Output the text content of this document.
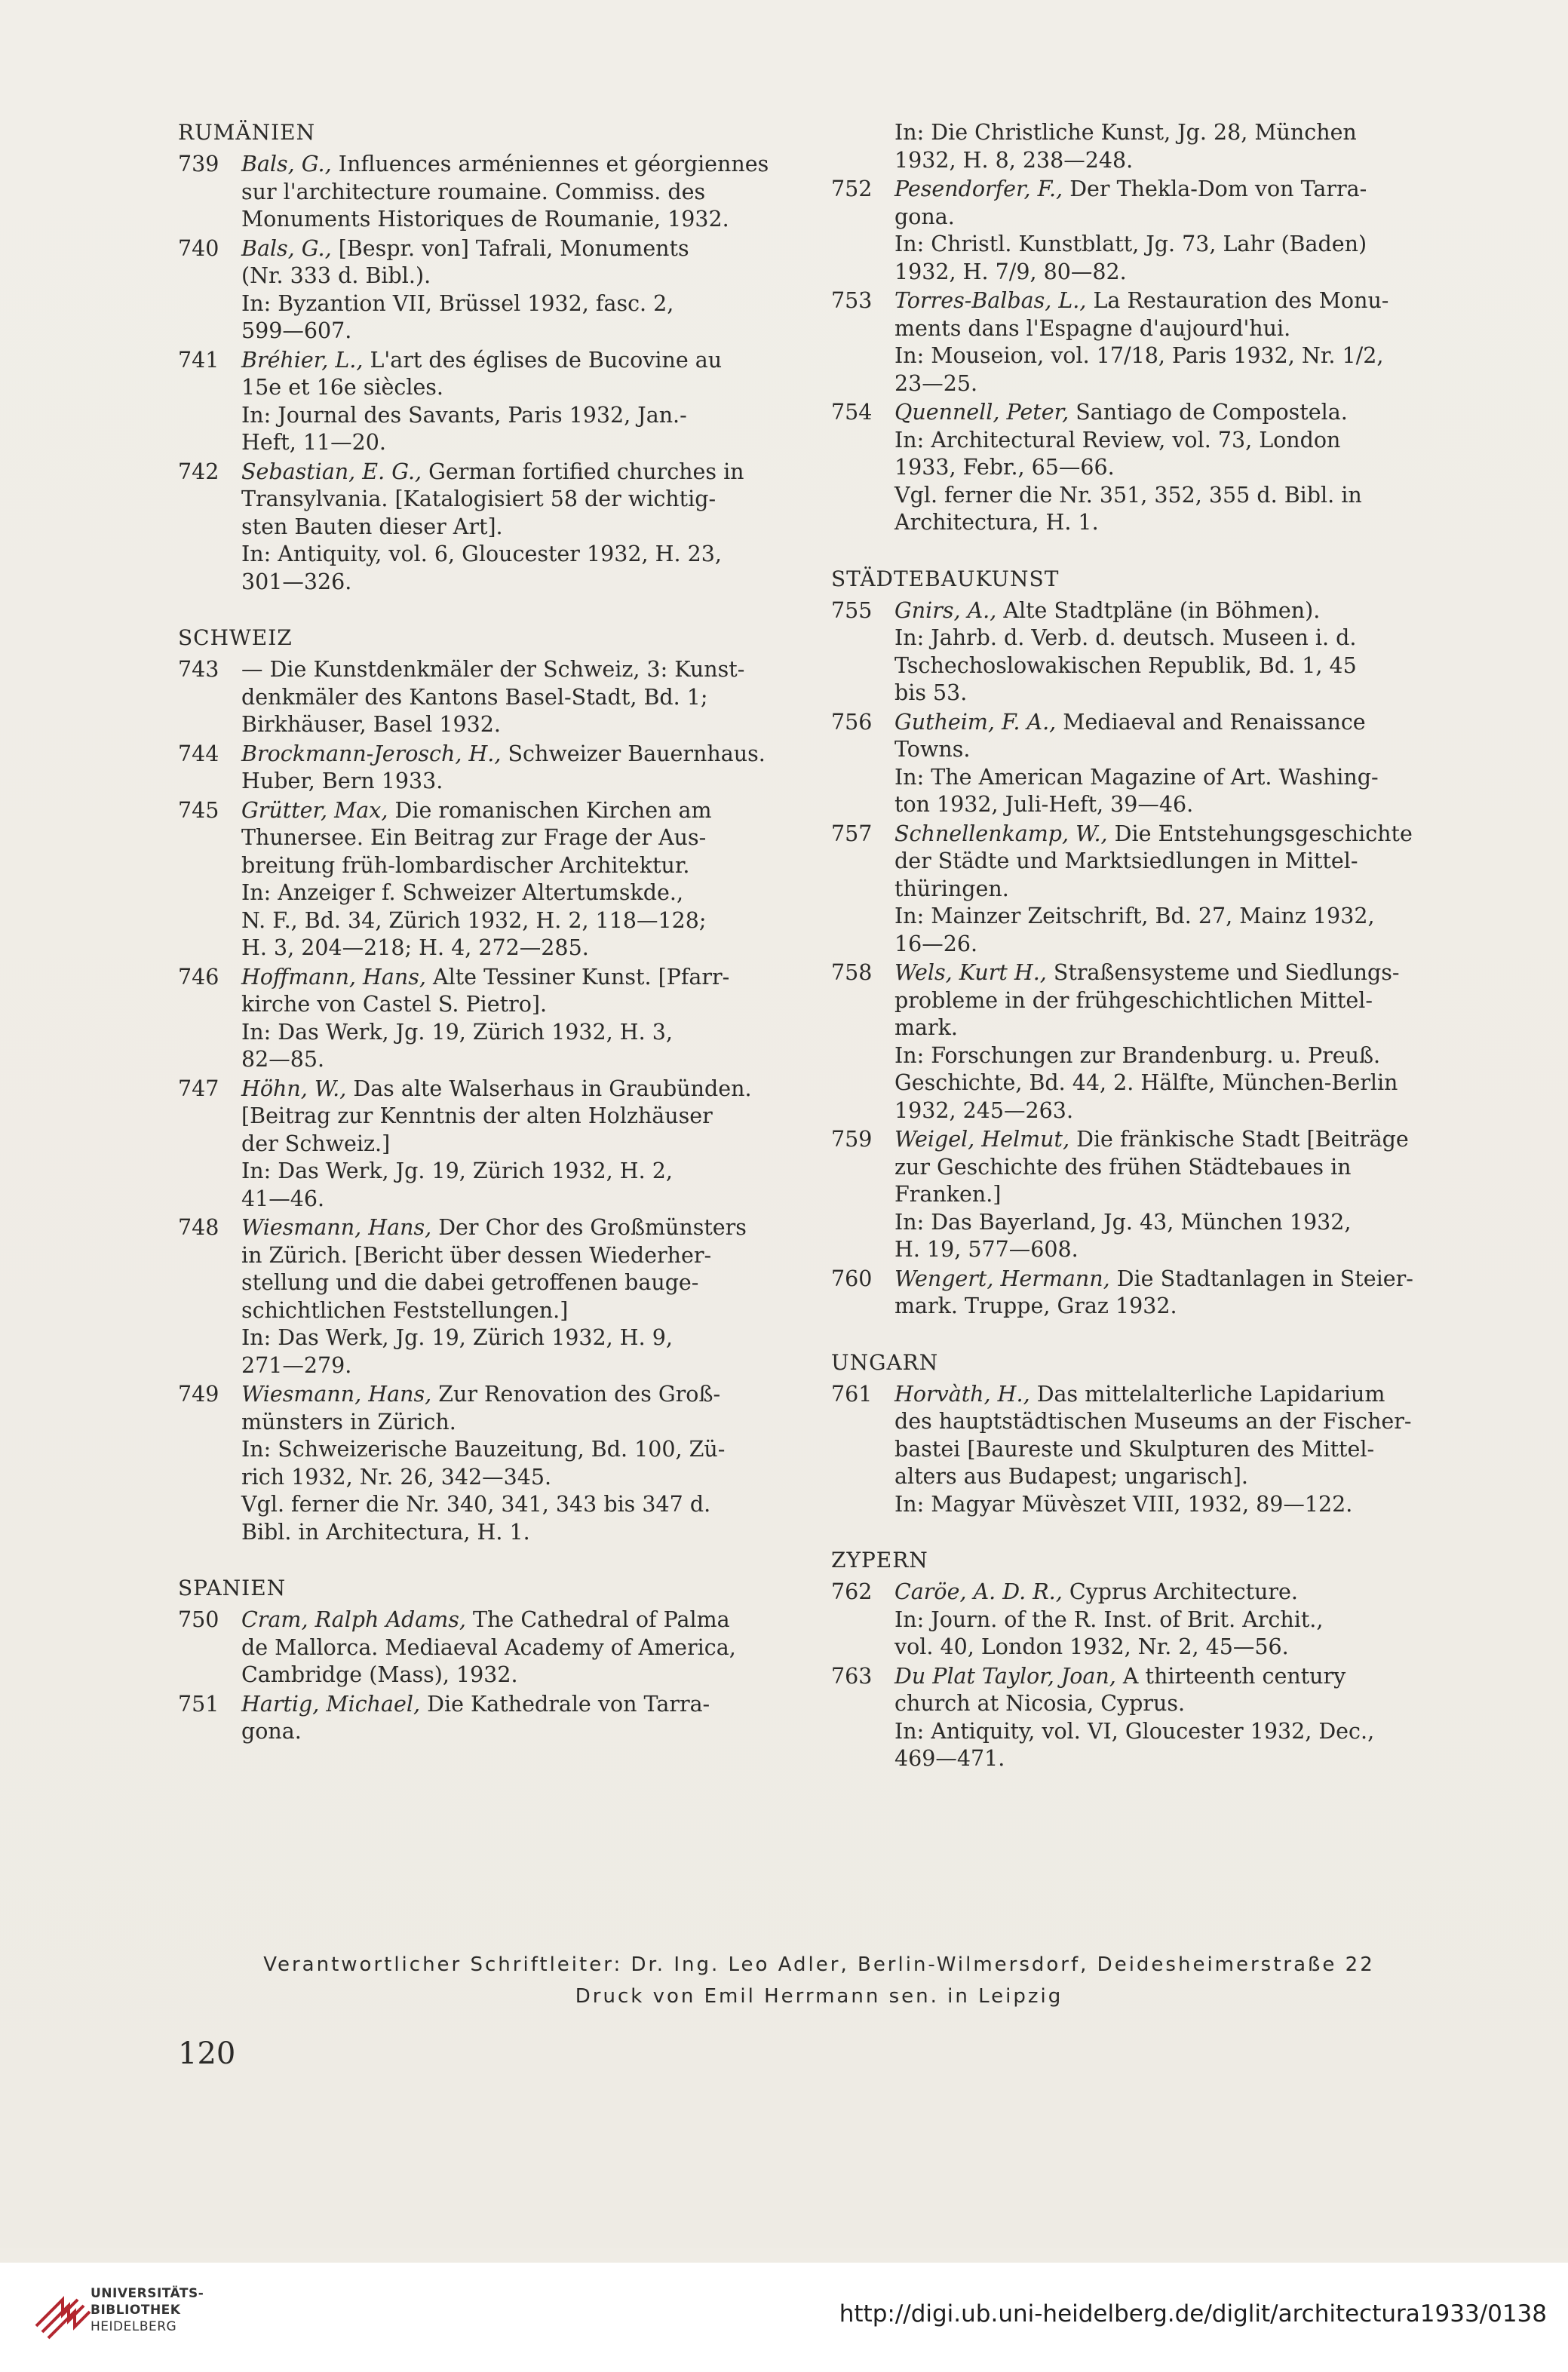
RUMÄNIEN
739	Bals, G., Influences arméniennes et géorgiennes
sur l'architecture roumaine. Commiss. des
Monuments Historiques de Roumanie, 1932.
740	Bals, G., [Bespr. von] Tafrali, Monuments
(Nr. 333 d. Bibl.).
In: Byzantion VII, Brüssel 1932, fasc. 2,
599—607.
741	Bréhier, L., L'art des églises de Bucovine au
15e et 16e siècles.
In: Journal des Savants, Paris 1932, Jan.-
Heft, 11—20.
742	Sebastian, E. G., German fortified churches in
Transylvania. [Katalogisiert 58 der wichtig-
sten Bauten dieser Art].
In: Antiquity, vol. 6, Gloucester 1932, H. 23,
301—326.
SCHWEIZ
743	— Die Kunstdenkmäler der Schweiz, 3: Kunst-
denkmäler des Kantons Basel-Stadt, Bd. 1;
Birkhäuser, Basel 1932.
744	Brockmann-Jerosch, H., Schweizer Bauernhaus.
Huber, Bern 1933.
745	Grütter, Max, Die romanischen Kirchen am
Thunersee. Ein Beitrag zur Frage der Aus-
breitung früh-lombardischer Architektur.
In: Anzeiger f. Schweizer Altertumskde.,
N. F., Bd. 34, Zürich 1932, H. 2, 118—128;
H. 3, 204—218; H. 4, 272—285.
746	Hoffmann, Hans, Alte Tessiner Kunst. [Pfarr-
kirche von Castel S. Pietro].
In: Das Werk, Jg. 19, Zürich 1932, H. 3,
82—85.
747	Höhn, W., Das alte Walserhaus in Graubünden.
[Beitrag zur Kenntnis der alten Holzhäuser
der Schweiz.]
In: Das Werk, Jg. 19, Zürich 1932, H. 2,
41—46.
748	Wiesmann, Hans, Der Chor des Großmünsters
in Zürich. [Bericht über dessen Wiederher-
stellung und die dabei getroffenen bauge-
schichtlichen Feststellungen.]
In: Das Werk, Jg. 19, Zürich 1932, H. 9,
271—279.
749	Wiesmann, Hans, Zur Renovation des Groß-
münsters in Zürich.
In: Schweizerische Bauzeitung, Bd. 100, Zü-
rich 1932, Nr. 26, 342—345.
Vgl. ferner die Nr. 340, 341, 343 bis 347 d.
Bibl. in Architectura, H. 1.
SPANIEN
750	Cram, Ralph Adams, The Cathedral of Palma
de Mallorca. Mediaeval Academy of America,
Cambridge (Mass), 1932.
751	Hartig, Michael, Die Kathedrale von Tarra-
gona.
In: Die Christliche Kunst, Jg. 28, München
1932, H. 8, 238—248.
752	Pesendorfer, F., Der Thekla-Dom von Tarra-
gona.
In: Christl. Kunstblatt, Jg. 73, Lahr (Baden)
1932, H. 7/9, 80—82.
753	Torres-Balbas, L., La Restauration des Monu-
ments dans l'Espagne d'aujourd'hui.
In: Mouseion, vol. 17/18, Paris 1932, Nr. 1/2,
23—25.
754	Quennell, Peter, Santiago de Compostela.
In: Architectural Review, vol. 73, London
1933, Febr., 65—66.
Vgl. ferner die Nr. 351, 352, 355 d. Bibl. in
Architectura, H. 1.
STÄDTEBAUKUNST
755	Gnirs, A., Alte Stadtpläne (in Böhmen).
In: Jahrb. d. Verb. d. deutsch. Museen i. d.
Tschechoslowakischen Republik, Bd. 1, 45
bis 53.
756	Gutheim, F. A., Mediaeval and Renaissance
Towns.
In: The American Magazine of Art. Washing-
ton 1932, Juli-Heft, 39—46.
757	Schnellenkamp, W., Die Entstehungsgeschichte
der Städte und Marktsiedlungen in Mittel-
thüringen.
In: Mainzer Zeitschrift, Bd. 27, Mainz 1932,
16—26.
758	Wels, Kurt H., Straßensysteme und Siedlungs-
probleme in der frühgeschichtlichen Mittel-
mark.
In: Forschungen zur Brandenburg. u. Preuß.
Geschichte, Bd. 44, 2. Hälfte, München-Berlin
1932, 245—263.
759	Weigel, Helmut, Die fränkische Stadt [Beiträge
zur Geschichte des frühen Städtebaues in
Franken.]
In: Das Bayerland, Jg. 43, München 1932,
H. 19, 577—608.
760	Wengert, Hermann, Die Stadtanlagen in Steier-
mark. Truppe, Graz 1932.
UNGARN
761	Horvàth, H., Das mittelalterliche Lapidarium
des hauptstädtischen Museums an der Fischer-
bastei [Baureste und Skulpturen des Mittel-
alters aus Budapest; ungarisch].
In: Magyar Müvèszet VIII, 1932, 89—122.
ZYPERN
762	Caröe, A. D. R., Cyprus Architecture.
In: Journ. of the R. Inst. of Brit. Archit.,
vol. 40, London 1932, Nr. 2, 45—56.
763	Du Plat Taylor, Joan, A thirteenth century
church at Nicosia, Cyprus.
In: Antiquity, vol. VI, Gloucester 1932, Dec.,
469—471.
Verantwortlicher Schriftleiter: Dr. Ing. Leo Adler, Berlin-Wilmersdorf, Deidesheimerstraße 22
Druck von Emil Herrmann sen. in Leipzig
120
UNIVERSITÄTS-
BIBLIOTHEK
HEIDELBERG	http://digi.ub.uni-heidelberg.de/diglit/architectura1933/0138
